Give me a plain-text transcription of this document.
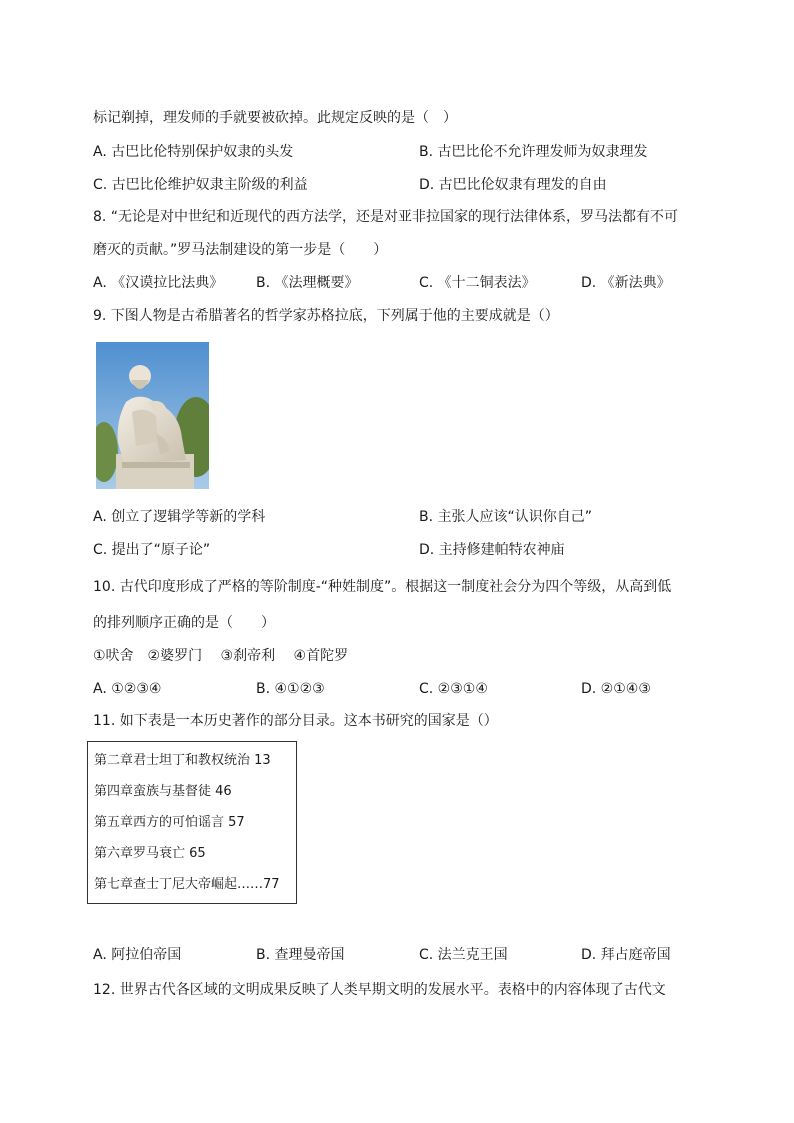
标记剃掉，理发师的手就要被砍掉。此规定反映的是（　）
A. 古巴比伦特别保护奴隶的头发	B. 古巴比伦不允许理发师为奴隶理发
C. 古巴比伦维护奴隶主阶级的利益	D. 古巴比伦奴隶有理发的自由
8. “无论是对中世纪和近现代的西方法学，还是对亚非拉国家的现行法律体系，罗马法都有不可
磨灭的贡献。”罗马法制建设的第一步是（　　）
A. 《汉谟拉比法典》 B. 《法理概要》	C. 《十二铜表法》	D. 《新法典》
9. 下图人物是古希腊著名的哲学家苏格拉底，下列属于他的主要成就是（）
A. 创立了逻辑学等新的学科	B. 主张人应该“认识你自己”
C. 提出了“原子论”	D. 主持修建帕特农神庙
10. 古代印度形成了严格的等阶制度-“种姓制度”。根据这一制度社会分为四个等级，从高到低
的排列顺序正确的是（　　）
①吠舍　②婆罗门　 ③刹帝利　 ④首陀罗
A. ①②③④	B. ④①②③	C. ②③①④	D. ②①④③
11. 如下表是一本历史著作的部分目录。这本书研究的国家是（）
第二章君士坦丁和教权统治 13
第四章蛮族与基督徒 46
第五章西方的可怕谣言 57
第六章罗马衰亡 65
第七章查士丁尼大帝崛起……77
A. 阿拉伯帝国	B. 查理曼帝国	C. 法兰克王国	D. 拜占庭帝国
12. 世界古代各区域的文明成果反映了人类早期文明的发展水平。表格中的内容体现了古代文
